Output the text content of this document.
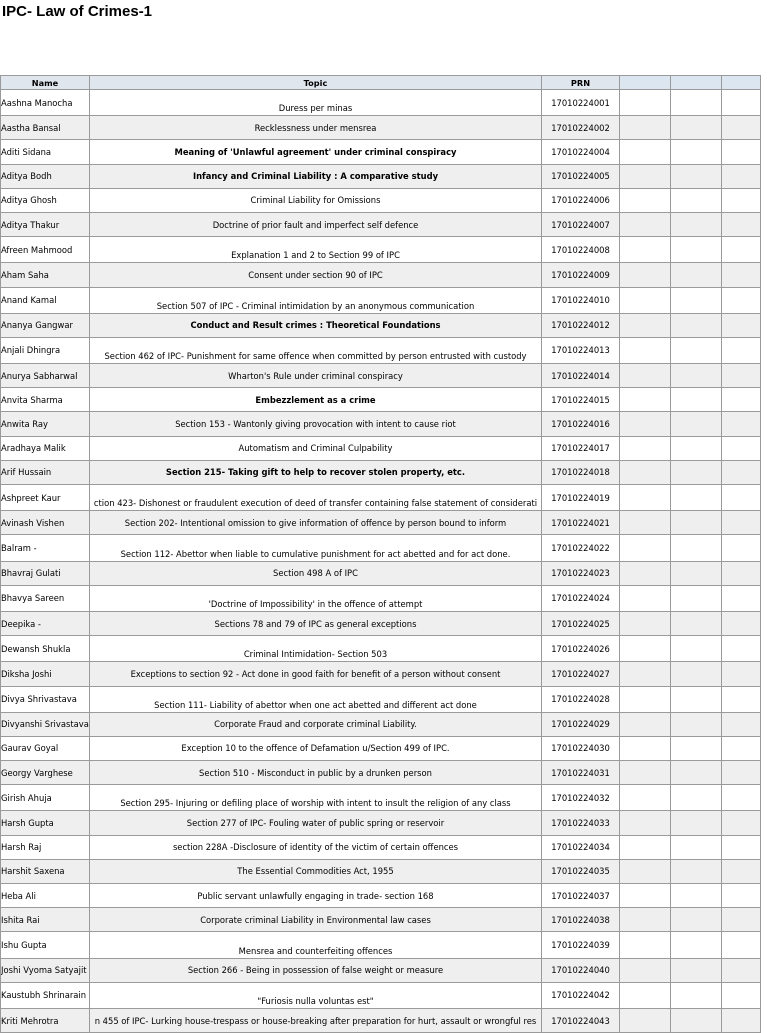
IPC- Law of Crimes-1
Name	Topic	PRN			
Aashna Manocha	Duress per minas	17010224001			
Aastha Bansal	Recklessness under mensrea	17010224002			
Aditi Sidana	Meaning of 'Unlawful agreement' under criminal conspiracy	17010224004			
Aditya Bodh	Infancy and Criminal Liability : A comparative study	17010224005			
Aditya Ghosh	Criminal Liability for Omissions	17010224006			
Aditya Thakur	Doctrine of prior fault and imperfect self defence	17010224007			
Afreen Mahmood	Explanation 1 and 2 to Section 99 of IPC	17010224008			
Aham Saha	Consent under section 90 of IPC	17010224009			
Anand Kamal	Section 507 of IPC - Criminal intimidation by an anonymous communication	17010224010			
Ananya Gangwar	Conduct and Result crimes : Theoretical Foundations	17010224012			
Anjali Dhingra	Section 462 of IPC- Punishment for same offence when committed by person entrusted with custody	17010224013			
Anurya Sabharwal	Wharton's Rule under criminal conspiracy	17010224014			
Anvita Sharma	Embezzlement as a crime	17010224015			
Anwita Ray	Section 153 - Wantonly giving provocation with intent to cause riot	17010224016			
Aradhaya Malik	Automatism and Criminal Culpability	17010224017			
Arif Hussain	Section 215- Taking gift to help to recover stolen property, etc.	17010224018			
Ashpreet Kaur	ction 423- Dishonest or fraudulent execution of deed of transfer containing false statement of considerati	17010224019			
Avinash Vishen	Section 202- Intentional omission to give information of offence by person bound to inform	17010224021			
Balram -	Section 112- Abettor when liable to cumulative punishment for act abetted and for act done.	17010224022			
Bhavraj Gulati	Section 498 A of IPC	17010224023			
Bhavya Sareen	'Doctrine of Impossibility' in the offence of attempt	17010224024			
Deepika -	Sections 78 and 79 of IPC as general exceptions	17010224025			
Dewansh Shukla	Criminal Intimidation- Section 503	17010224026			
Diksha Joshi	Exceptions to section 92 - Act done in good faith for benefit of a person without consent	17010224027			
Divya Shrivastava	Section 111- Liability of abettor when one act abetted and different act done	17010224028			
Divyanshi Srivastava	Corporate Fraud and corporate criminal Liability.	17010224029			
Gaurav Goyal	Exception 10 to the offence of Defamation u/Section 499 of IPC.	17010224030			
Georgy Varghese	Section 510 - Misconduct in public by a drunken person	17010224031			
Girish Ahuja	Section 295- Injuring or defiling place of worship with intent to insult the religion of any class	17010224032			
Harsh Gupta	Section 277 of IPC- Fouling water of public spring or reservoir	17010224033			
Harsh Raj	section 228A -Disclosure of identity of the victim of certain offences	17010224034			
Harshit Saxena	The Essential Commodities Act, 1955	17010224035			
Heba Ali	Public servant unlawfully engaging in trade- section 168	17010224037			
Ishita Rai	Corporate criminal Liability in Environmental law cases	17010224038			
Ishu Gupta	Mensrea and counterfeiting offences	17010224039			
Joshi Vyoma Satyajit	Section 266 - Being in possession of false weight or measure	17010224040			
Kaustubh Shrinarain	"Furiosis nulla voluntas est"	17010224042			
Kriti Mehrotra	n 455 of IPC- Lurking house-trespass or house-breaking after preparation for hurt, assault or wrongful res	17010224043			
